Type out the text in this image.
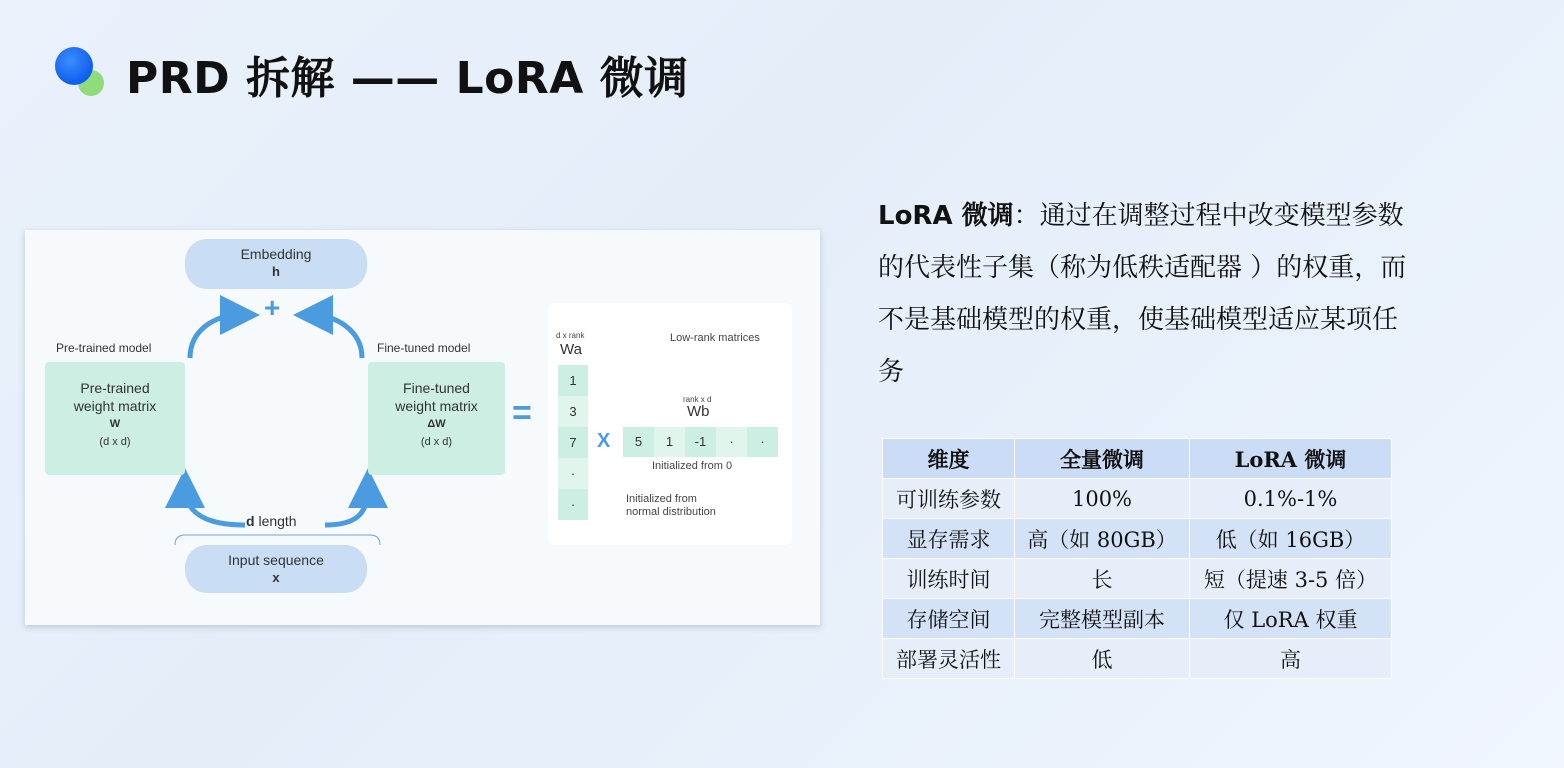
PRD 拆解 —— LoRA 微调
Embedding
h
+
Pre-trained model
Pre-trained
weight matrix
W
(d x d)
Fine-tuned model
Fine-tuned
weight matrix
ΔW
(d x d)
=
d length
Input sequence
x
d x rank
Wa
1
3
7
·
·
Low-rank matrices
rank x d
Wb
X	5	1	-1	·	·
Initialized from 0
Initialized from
normal distribution
LoRA 微调：通过在调整过程中改变模型参数的代表性子集（称为低秩适配器 ）的权重，而不是基础模型的权重，使基础模型适应某项任务
维度	全量微调	LoRA 微调
可训练参数	100%	0.1%-1%
显存需求	高（如 80GB）	低（如 16GB）
训练时间	长	短（提速 3-5 倍）
存储空间	完整模型副本	仅 LoRA 权重
部署灵活性	低	高
